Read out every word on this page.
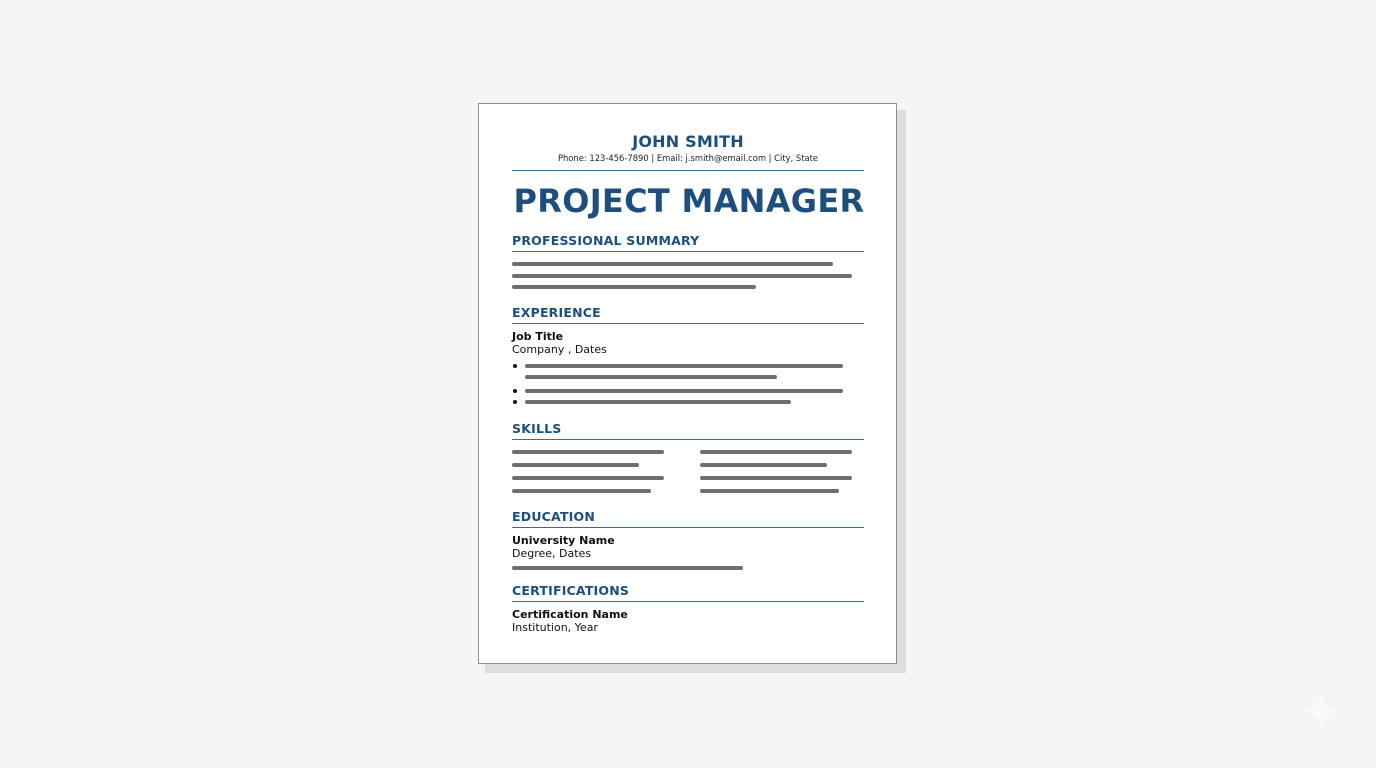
JOHN SMITH
Phone: 123-456-7890 | Email: j.smith@email.com | City, State
PROJECT MANAGER
PROFESSIONAL SUMMARY
EXPERIENCE
Job Title
Company , Dates
SKILLS
EDUCATION
University Name
Degree, Dates
CERTIFICATIONS
Certification Name
Institution, Year
